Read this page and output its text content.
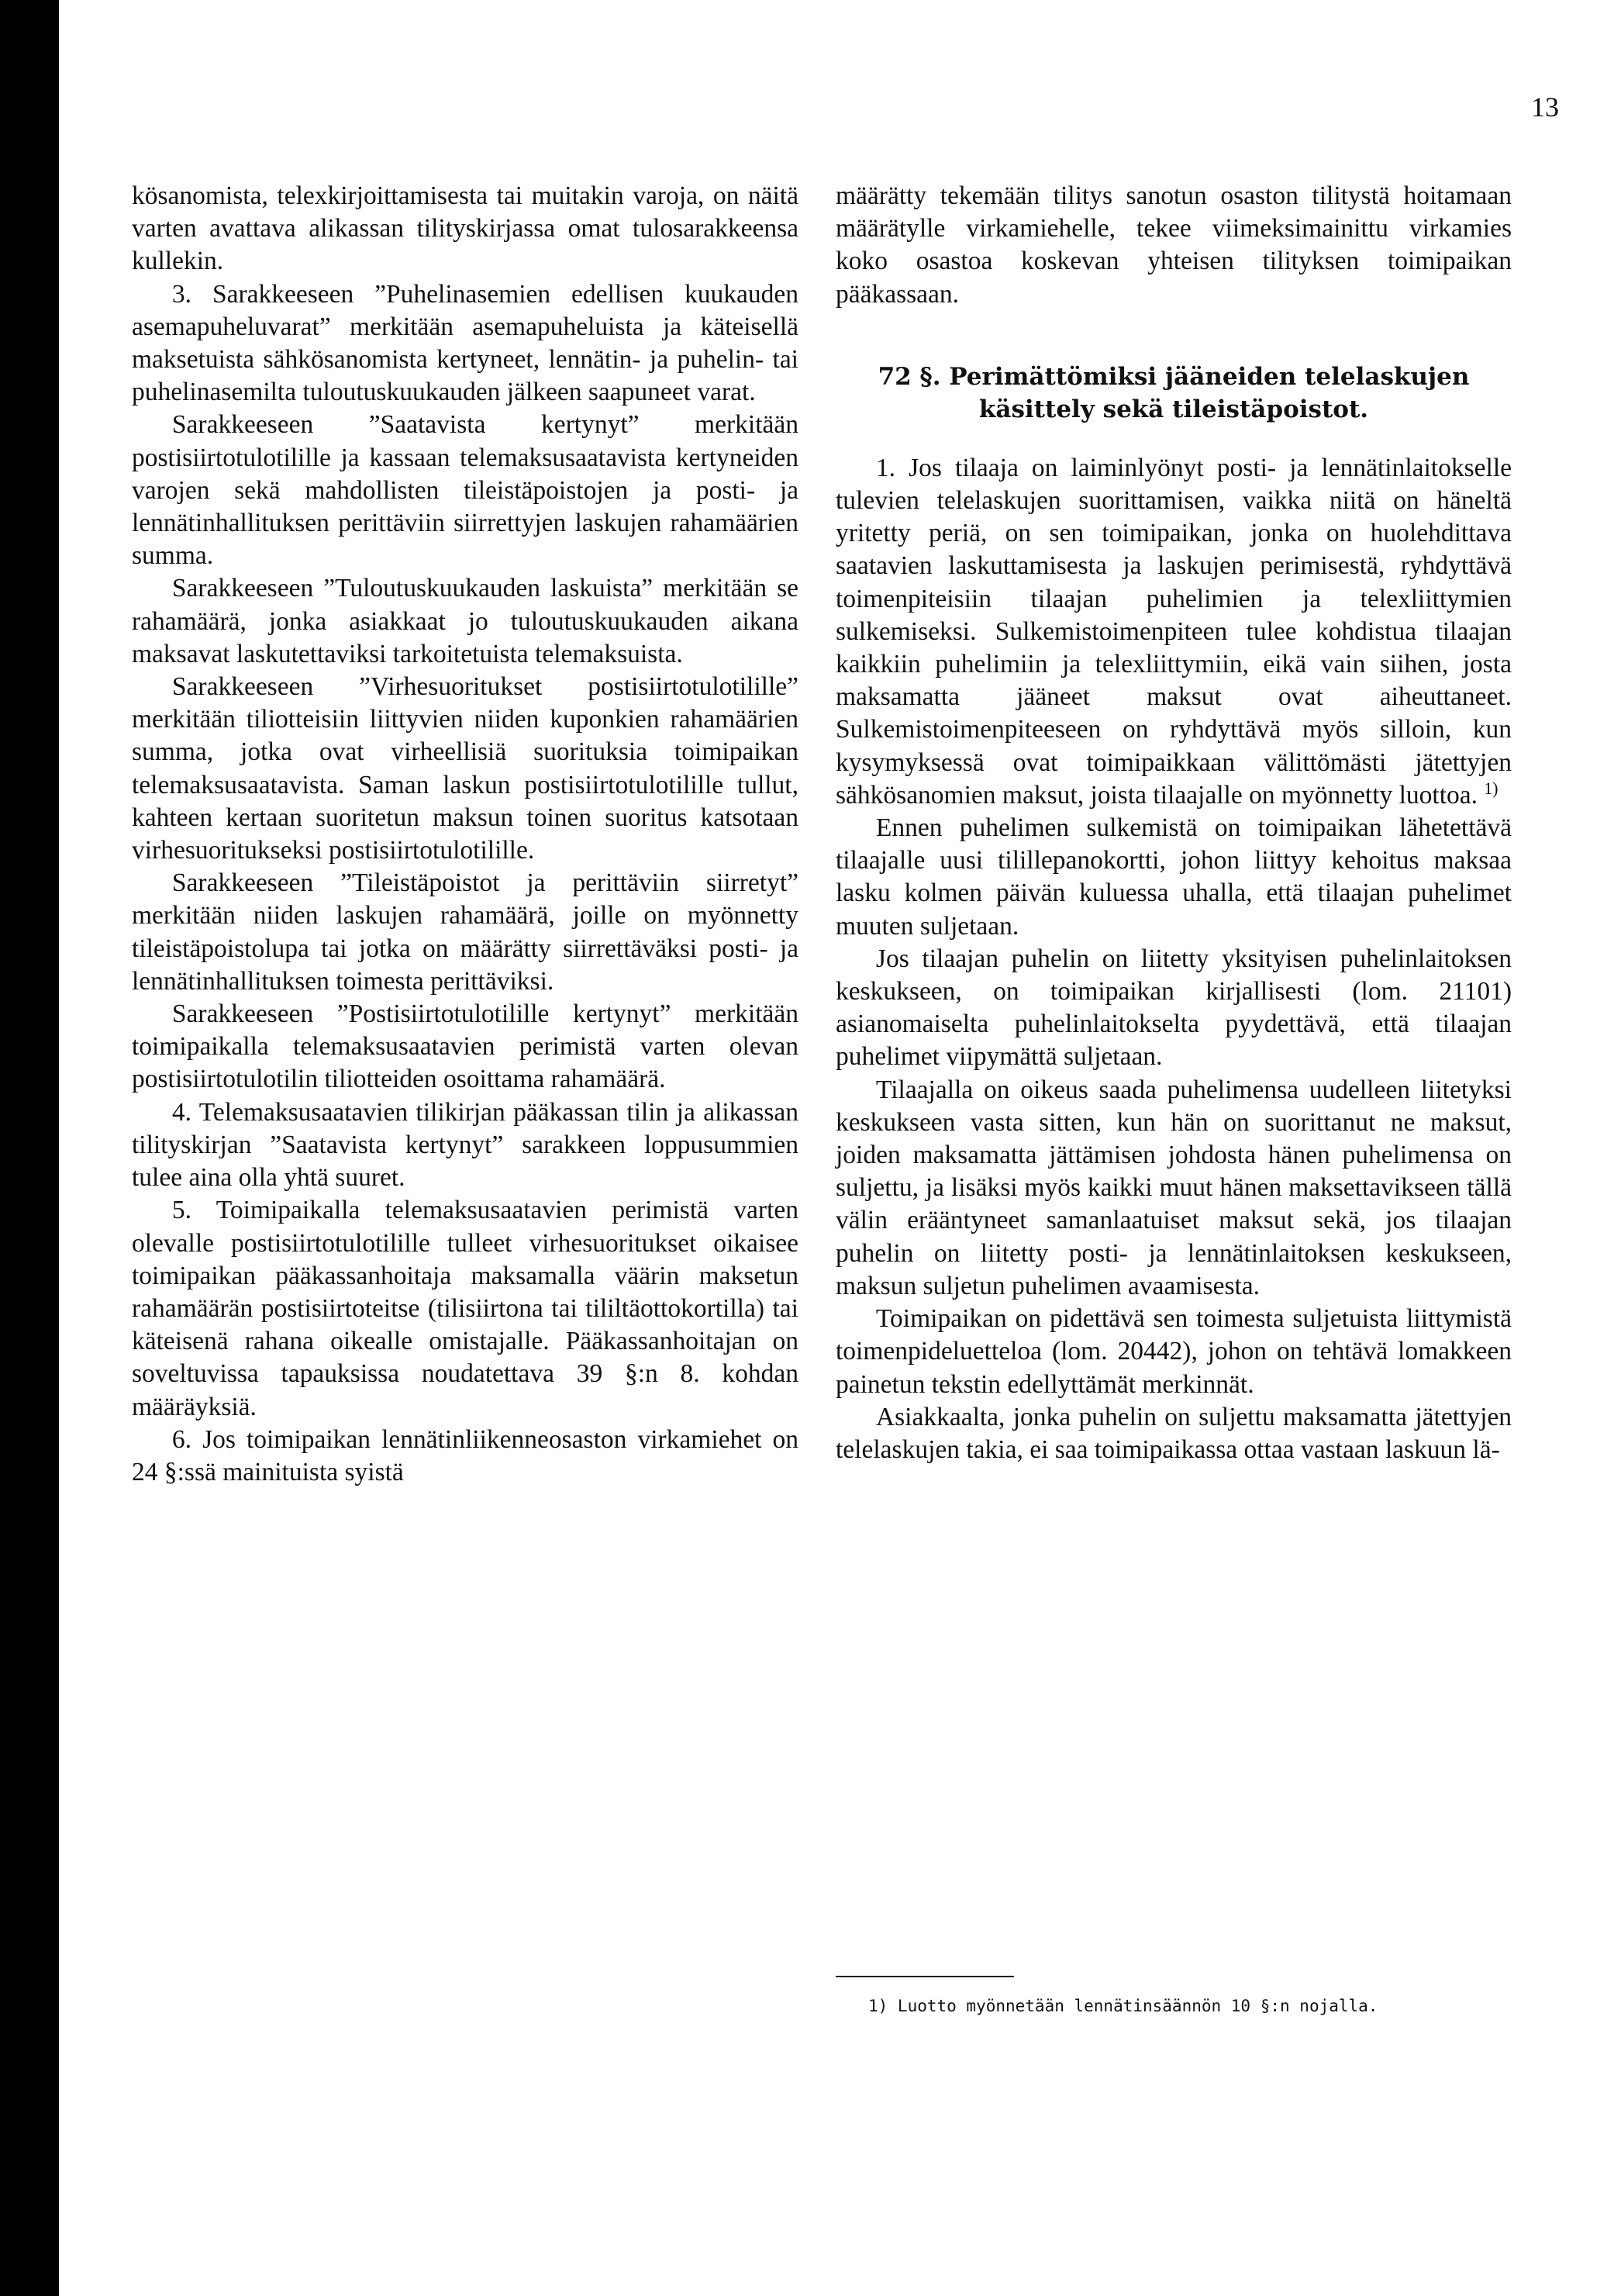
13

kösanomista, telexkirjoittamisesta tai muitakin varoja, on näitä varten avattava alikassan tilityskirjassa omat tulosarakkeensa kullekin.

3. Sarakkeeseen ”Puhelinasemien edellisen kuukauden asemapuheluvarat” merkitään asemapuheluista ja käteisellä maksetuista sähkösanomista kertyneet, lennätin- ja puhelin- tai puhelinasemilta tuloutuskuukauden jälkeen saapuneet varat.

Sarakkeeseen ”Saatavista kertynyt” merkitään postisiirtotulotilille ja kassaan telemaksusaatavista kertyneiden varojen sekä mahdollisten tileistäpoistojen ja posti- ja lennätinhallituksen perittäviin siirrettyjen laskujen rahamäärien summa.

Sarakkeeseen ”Tuloutuskuukauden laskuista” merkitään se rahamäärä, jonka asiakkaat jo tuloutuskuukauden aikana maksavat laskutettaviksi tarkoitetuista telemaksuista.

Sarakkeeseen ”Virhesuoritukset postisiirtotulotilille” merkitään tiliotteisiin liittyvien niiden kuponkien rahamäärien summa, jotka ovat virheellisiä suorituksia toimipaikan telemaksusaatavista. Saman laskun postisiirtotulotilille tullut, kahteen kertaan suoritetun maksun toinen suoritus katsotaan virhesuoritukseksi postisiirtotulotilille.

Sarakkeeseen ”Tileistäpoistot ja perittäviin siirretyt” merkitään niiden laskujen rahamäärä, joille on myönnetty tileistäpoistolupa tai jotka on määrätty siirrettäväksi posti- ja lennätinhallituksen toimesta perittäviksi.

Sarakkeeseen ”Postisiirtotulotilille kertynyt” merkitään toimipaikalla telemaksusaatavien perimistä varten olevan postisiirtotulotilin tiliotteiden osoittama rahamäärä.

4. Telemaksusaatavien tilikirjan pääkassan tilin ja alikassan tilityskirjan ”Saatavista kertynyt” sarakkeen loppusummien tulee aina olla yhtä suuret.

5. Toimipaikalla telemaksusaatavien perimistä varten olevalle postisiirtotulotilille tulleet virhesuoritukset oikaisee toimipaikan pääkassanhoitaja maksamalla väärin maksetun rahamäärän postisiirtoteitse (tilisiirtona tai tililtäottokortilla) tai käteisenä rahana oikealle omistajalle. Pääkassanhoitajan on soveltuvissa tapauksissa noudatettava 39 §:n 8. kohdan määräyksiä.

6. Jos toimipaikan lennätinliikenneosaston virkamiehet on 24 §:ssä mainituista syistä

määrätty tekemään tilitys sanotun osaston tilitystä hoitamaan määrätylle virkamiehelle, tekee viimeksimainittu virkamies koko osastoa koskevan yhteisen tilityksen toimipaikan pääkassaan.

72 §. Perimättömiksi jääneiden telelaskujen käsittely sekä tileistäpoistot.

1. Jos tilaaja on laiminlyönyt posti- ja lennätinlaitokselle tulevien telelaskujen suorittamisen, vaikka niitä on häneltä yritetty periä, on sen toimipaikan, jonka on huolehdittava saatavien laskuttamisesta ja laskujen perimisestä, ryhdyttävä toimenpiteisiin tilaajan puhelimien ja telexliittymien sulkemiseksi. Sulkemistoimenpiteen tulee kohdistua tilaajan kaikkiin puhelimiin ja telexliittymiin, eikä vain siihen, josta maksamatta jääneet maksut ovat aiheuttaneet. Sulkemistoimenpiteeseen on ryhdyttävä myös silloin, kun kysymyksessä ovat toimipaikkaan välittömästi jätettyjen sähkösanomien maksut, joista tilaajalle on myönnetty luottoa. $^{1)}$

Ennen puhelimen sulkemistä on toimipaikan lähetettävä tilaajalle uusi tilillepanokortti, johon liittyy kehoitus maksaa lasku kolmen päivän kuluessa uhalla, että tilaajan puhelimet muuten suljetaan.

Jos tilaajan puhelin on liitetty yksityisen puhelinlaitoksen keskukseen, on toimipaikan kirjallisesti (lom. 21101) asianomaiselta puhelinlaitokselta pyydettävä, että tilaajan puhelimet viipymättä suljetaan.

Tilaajalla on oikeus saada puhelimensa uudelleen liitetyksi keskukseen vasta sitten, kun hän on suorittanut ne maksut, joiden maksamatta jättämisen johdosta hänen puhelimensa on suljettu, ja lisäksi myös kaikki muut hänen maksettavikseen tällä välin erääntyneet samanlaatuiset maksut sekä, jos tilaajan puhelin on liitetty posti- ja lennätinlaitoksen keskukseen, maksun suljetun puhelimen avaamisesta.

Toimipaikan on pidettävä sen toimesta suljetuista liittymistä toimenpideluetteloa (lom. 20442), johon on tehtävä lomakkeen painetun tekstin edellyttämät merkinnät.

Asiakkaalta, jonka puhelin on suljettu maksamatta jätettyjen telelaskujen takia, ei saa toimipaikassa ottaa vastaan laskuun lä-

1) Luotto myönnetään lennätinsäännön 10 §:n nojalla.
